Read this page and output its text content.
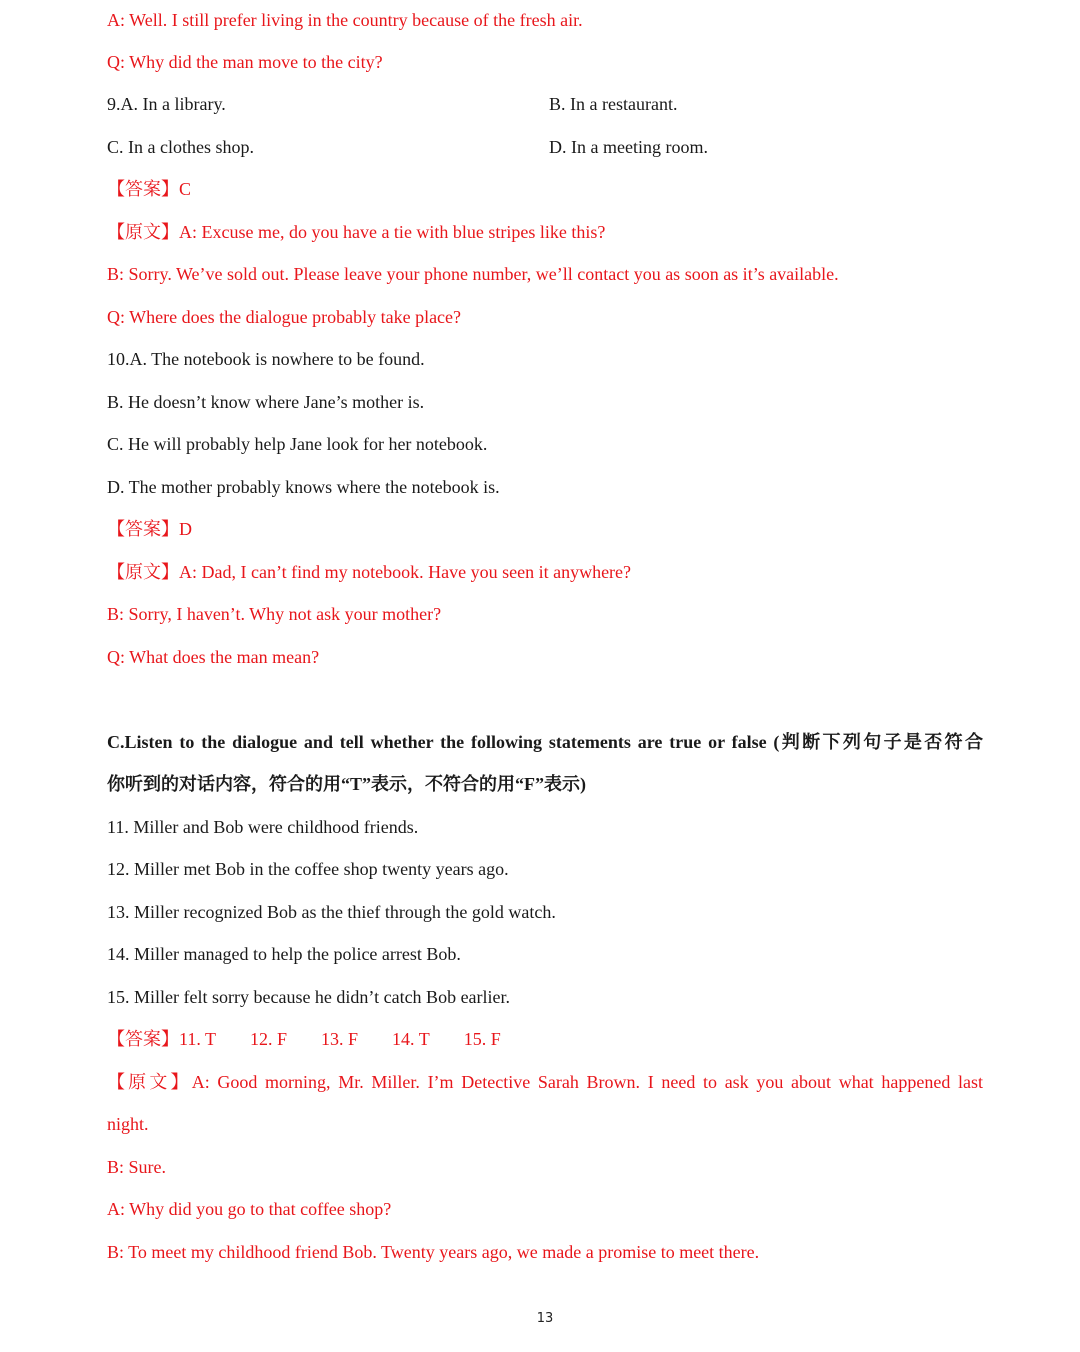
A: Well. I still prefer living in the country because of the fresh air.
Q: Why did the man move to the city?
9.A. In a library.	B. In a restaurant.
C. In a clothes shop.	D. In a meeting room.
【答案】C
【原文】A: Excuse me, do you have a tie with blue stripes like this?
B: Sorry. We’ve sold out. Please leave your phone number, we’ll contact you as soon as it’s available.
Q: Where does the dialogue probably take place?
10.A. The notebook is nowhere to be found.
B. He doesn’t know where Jane’s mother is.
C. He will probably help Jane look for her notebook.
D. The mother probably knows where the notebook is.
【答案】D
【原文】A: Dad, I can’t find my notebook. Have you seen it anywhere?
B: Sorry, I haven’t. Why not ask your mother?
Q: What does the man mean?
C.Listen to the dialogue and tell whether the following statements are true or false (判断下列句子是否符合
你听到的对话内容，符合的用“T”表示，不符合的用“F”表示)
11. Miller and Bob were childhood friends.
12. Miller met Bob in the coffee shop twenty years ago.
13. Miller recognized Bob as the thief through the gold watch.
14. Miller managed to help the police arrest Bob.
15. Miller felt sorry because he didn’t catch Bob earlier.
【答案】11. T 12. F 13. F 14. T 15. F
【原文】A: Good morning, Mr. Miller. I’m Detective Sarah Brown. I need to ask you about what happened last
night.
B: Sure.
A: Why did you go to that coffee shop?
B: To meet my childhood friend Bob. Twenty years ago, we made a promise to meet there.
13
